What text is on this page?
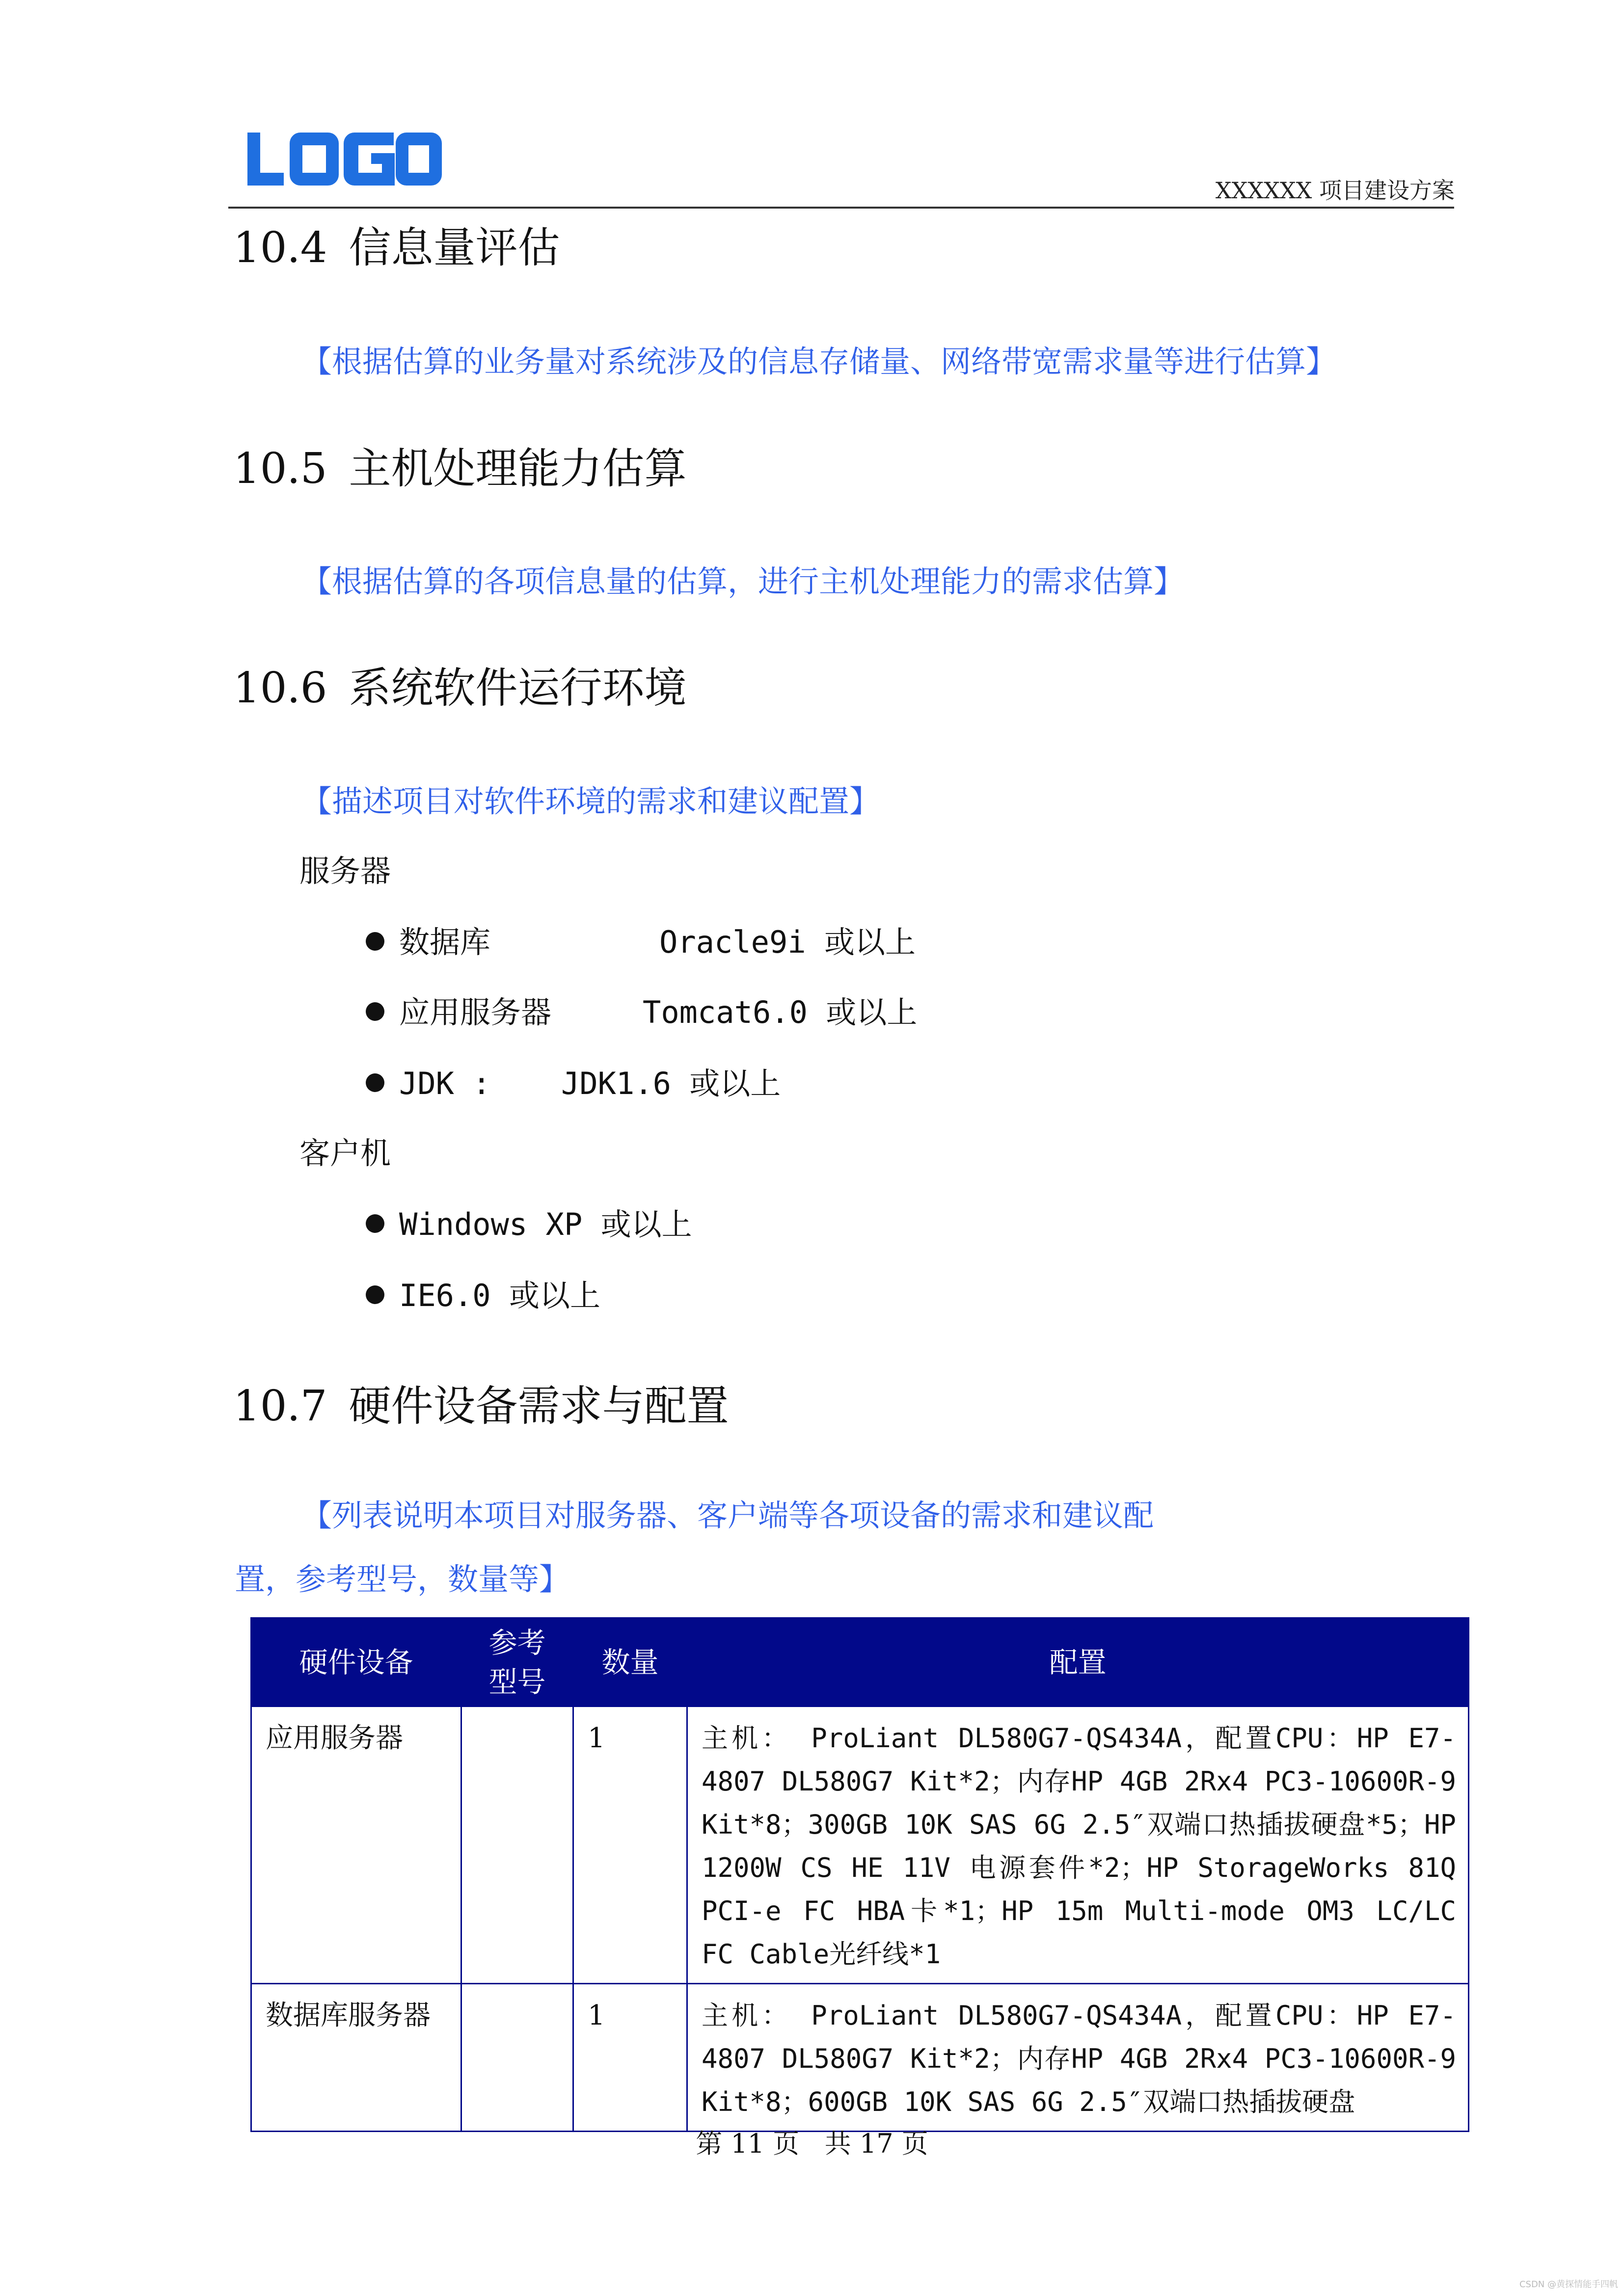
XXXXXX 项目建设方案
10.4 信息量评估
【根据估算的业务量对系统涉及的信息存储量、网络带宽需求量等进行估算】
10.5 主机处理能力估算
【根据估算的各项信息量的估算，进行主机处理能力的需求估算】
10.6 系统软件运行环境
【描述项目对软件环境的需求和建议配置】
服务器
数据库	Oracle9i 或以上
应用服务器	Tomcat6.0 或以上
JDK : JDK1.6 或以上
客户机
Windows XP 或以上
IE6.0 或以上
10.7 硬件设备需求与配置
【列表说明本项目对服务器、客户端等各项设备的需求和建议配
置，参考型号，数量等】
硬件设备	参考型号	数量	配置
应用服务器		1	主机： ProLiant DL580G7-QS434A，配置CPU：HP E7-4807 DL580G7 Kit*2；内存HP 4GB 2Rx4 PC3-10600R-9 Kit*8；300GB 10K SAS 6G 2.5″双端口热插拔硬盘*5；HP 1200W CS HE 11V 电源套件*2；HP StorageWorks 81Q PCI-e FC HBA卡*1；HP 15m Multi-mode OM3 LC/LC FC Cable光纤线*1
数据库服务器		1	主机： ProLiant DL580G7-QS434A，配置CPU：HP E7-4807 DL580G7 Kit*2；内存HP 4GB 2Rx4 PC3-10600R-9 Kit*8；600GB 10K SAS 6G 2.5″双端口热插拔硬盘
第 11 页   共 17 页
CSDN @黄探情能手四帆
